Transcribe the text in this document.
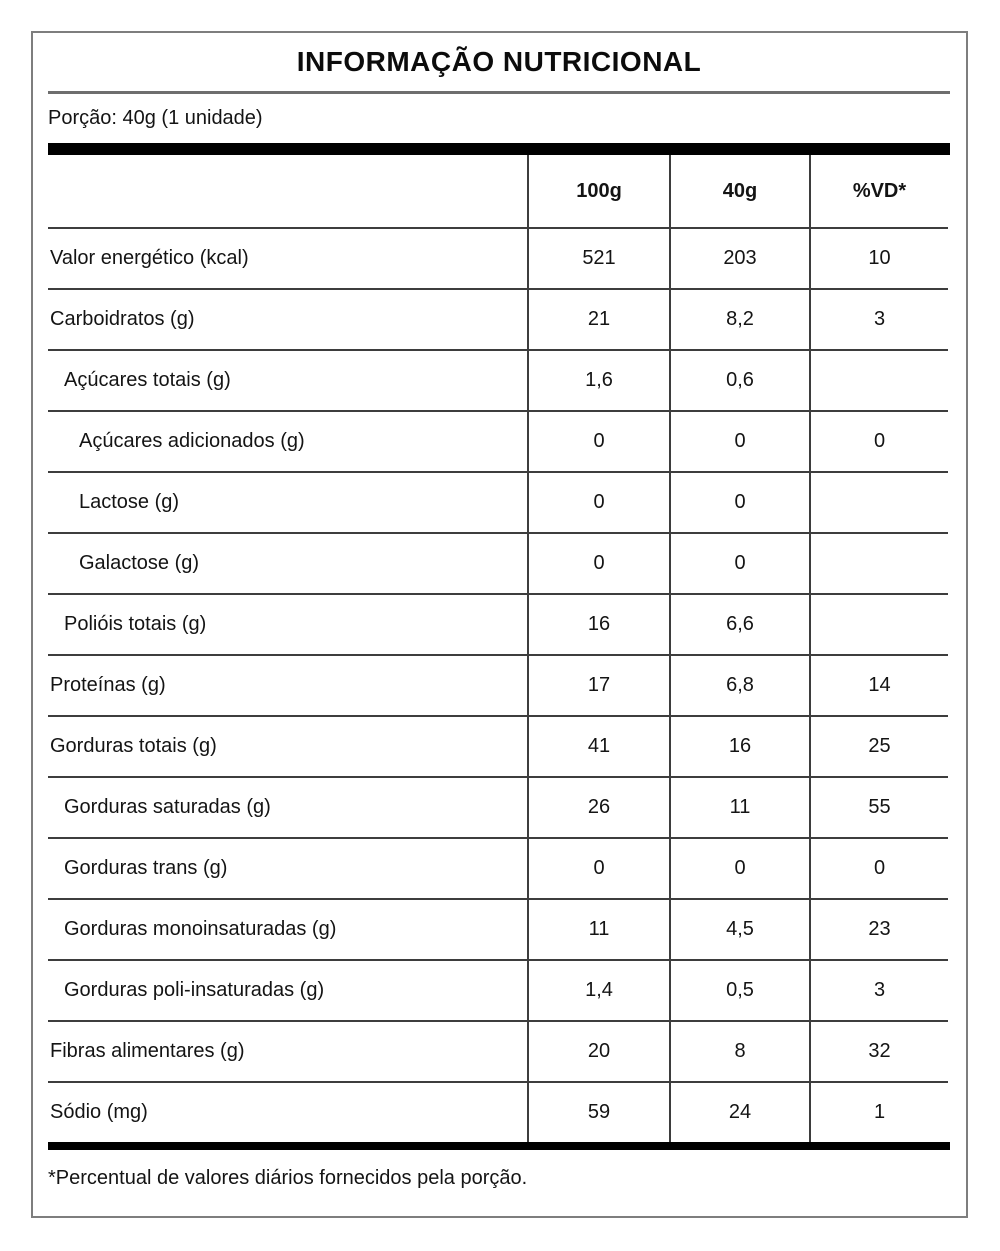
INFORMAÇÃO NUTRICIONAL
Porção: 40g (1 unidade)
	100g	40g	%VD*
Valor energético (kcal)	521	203	10
Carboidratos (g)	21	8,2	3
Açúcares totais (g)	1,6	0,6	
Açúcares adicionados (g)	0	0	0
Lactose (g)	0	0	
Galactose (g)	0	0	
Polióis totais (g)	16	6,6	
Proteínas (g)	17	6,8	14
Gorduras totais (g)	41	16	25
Gorduras saturadas (g)	26	11	55
Gorduras trans (g)	0	0	0
Gorduras monoinsaturadas (g)	11	4,5	23
Gorduras poli-insaturadas (g)	1,4	0,5	3
Fibras alimentares (g)	20	8	32
Sódio (mg)	59	24	1
*Percentual de valores diários fornecidos pela porção.
